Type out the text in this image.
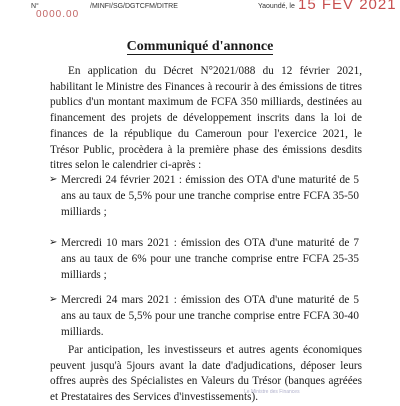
N°
0000.00
/MINFI/SG/DGTCFM/DITRE	Yaoundé, le 15 FEV 2021
Communiqué d'annonce
En application du Décret N°2021/088 du 12 février 2021, habilitant le Ministre des Finances à recourir à des émissions de titres publics d'un montant maximum de FCFA 350 milliards, destinées au financement des projets de développement inscrits dans la loi de finances de la république du Cameroun pour l'exercice 2021, le Trésor Public, procèdera à la première phase des émissions desdits titres selon le calendrier ci-après :
➢ Mercredi 24 février 2021 : émission des OTA d'une maturité de 5 ans au taux de 5,5% pour une tranche comprise entre FCFA 35-50 milliards ;
➢ Mercredi 10 mars 2021 : émission des OTA d'une maturité de 7 ans au taux de 6% pour une tranche comprise entre FCFA 25-35 milliards ;
➢ Mercredi 24 mars 2021 : émission des OTA d'une maturité de 5 ans au taux de 5,5% pour une tranche comprise entre FCFA 30-40 milliards.
Par anticipation, les investisseurs et autres agents économiques peuvent jusqu'à 5jours avant la date d'adjudications, déposer leurs offres auprès des Spécialistes en Valeurs du Trésor (banques agréées et Prestataires des Services d'investissements).
Le Ministre des Finances
